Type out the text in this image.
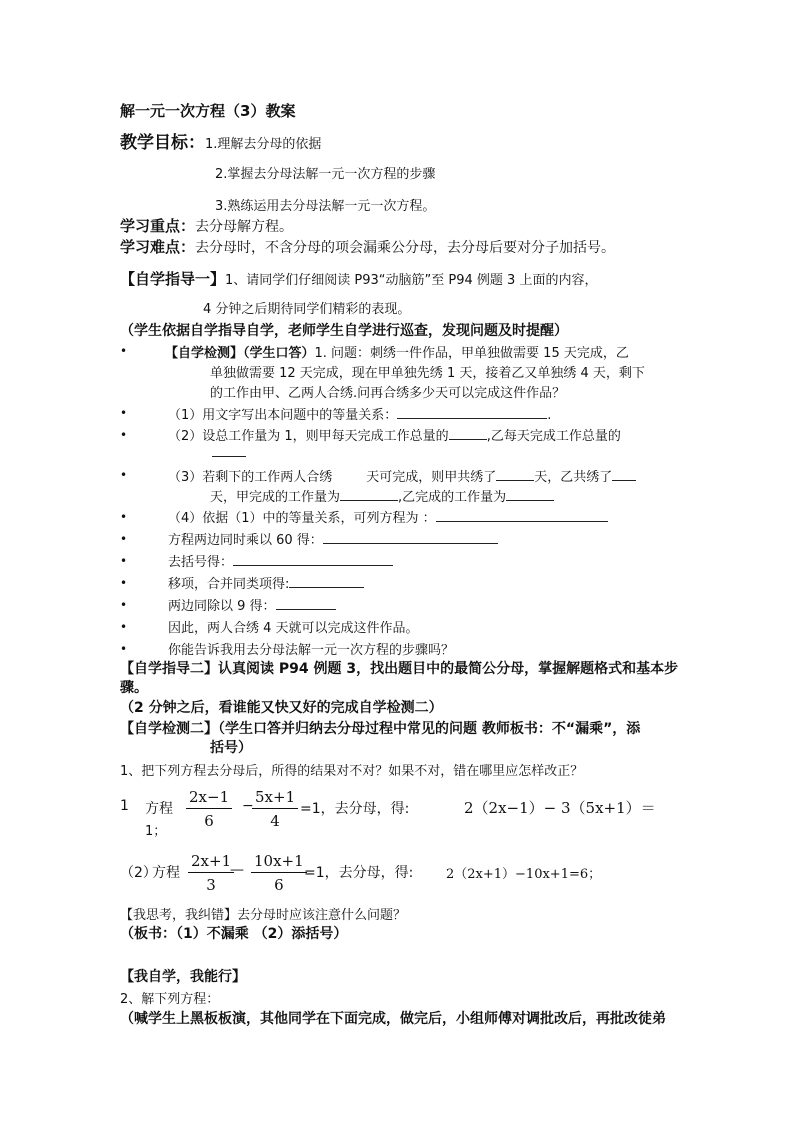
解一元一次方程（3）教案
教学目标：1.理解去分母的依据
2.掌握去分母法解一元一次方程的步骤
3.熟练运用去分母法解一元一次方程。
学习重点：去分母解方程。
学习难点：去分母时，不含分母的项会漏乘公分母，去分母后要对分子加括号。
【自学指导一】1、请同学们仔细阅读 P93“动脑筋”至 P94 例题 3 上面的内容，
4 分钟之后期待同学们精彩的表现。
（学生依据自学指导自学，老师学生自学进行巡查，发现问题及时提醒）
•	【自学检测】（学生口答）1. 问题：刺绣一件作品，甲单独做需要 15 天完成，乙
单独做需要 12 天完成，现在甲单独先绣 1 天，接着乙又单独绣 4 天，剩下
的工作由甲、乙两人合绣.问再合绣多少天可以完成这件作品？
•	（1）用文字写出本问题中的等量关系：	.
•	（2）设总工作量为 1，则甲每天完成工作总量的	,乙每天完成工作总量的
•	（3）若剩下的工作两人合绣	天可完成，则甲共绣了	天，乙共绣了
天，甲完成的工作量为	,乙完成的工作量为
•	（4）依据（1）中的等量关系，可列方程为 ：
•	方程两边同时乘以 60 得：
•	去括号得：
•	移项，合并同类项得:
•	两边同除以 9 得：
•	因此，两人合绣 4 天就可以完成这件作品。
•	你能告诉我用去分母法解一元一次方程的步骤吗？
【自学指导二】认真阅读 P94 例题 3，找出题目中的最简公分母，掌握解题格式和基本步
骤。
（2 分钟之后，看谁能又快又好的完成自学检测二）
【自学检测二】（学生口答并归纳去分母过程中常见的问题 教师板书：不“漏乘”，添
括号）
1、把下列方程去分母后，所得的结果对不对？如果不对，错在哪里应怎样改正？
1 方程 $\frac{2x-1}{6}$ −
$\frac{5x+1}{4} =1$，去分母，得:	2（2x−1）− 3（5x+1）＝
1；
（2）
方程 $\frac{2x+1}{3}$
— $\frac{10x+1}{6}$
=1，去分母，得:	2（2x+1）−10x+1=6；
【我思考，我纠错】去分母时应该注意什么问题？
（板书：（1）不漏乘 （2）添括号）
【我自学，我能行】
2、解下列方程：
（喊学生上黑板板演，其他同学在下面完成，做完后，小组师傅对调批改后，再批改徒弟
